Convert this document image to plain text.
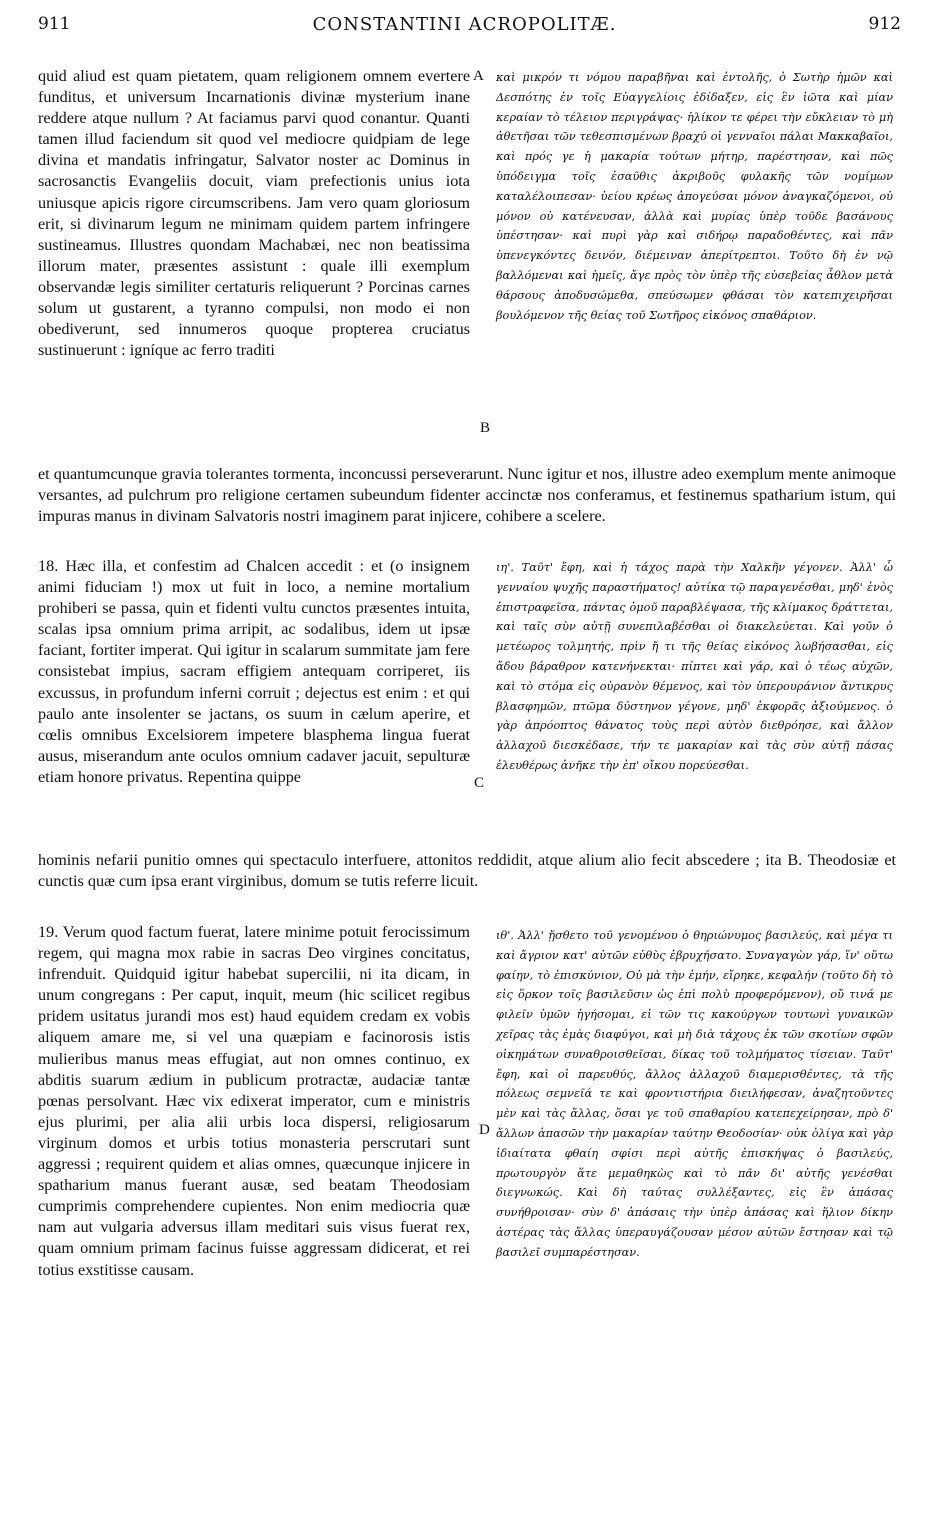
911	CONSTANTINI ACROPOLITÆ.	912
A
B
C
D

quid aliud est quam pietatem, quam religionem omnem evertere funditus, et universum Incarnationis divinæ mysterium inane reddere atque nullum ? At faciamus parvi quod conantur. Quanti tamen illud faciendum sit quod vel mediocre quidpiam de lege divina et mandatis infringatur, Salvator noster ac Dominus in sacrosanctis Evangeliis docuit, viam prefectionis unius iota uniusque apicis rigore circumscribens. Jam vero quam gloriosum erit, si divinarum legum ne minimam quidem partem infringere sustineamus. Illustres quondam Machabæi, nec non beatissima illorum mater, præsentes assistunt : quale illi exemplum observandæ legis similiter certaturis reliquerunt ? Porcinas carnes solum ut gustarent, a tyranno compulsi, non modo ei non obediverunt, sed innumeros quoque propterea cruciatus sustinuerunt : igníque ac ferro traditi

καὶ μικρόν τι νόμου παραβῆναι καὶ ἐντολῆς, ὁ Σωτὴρ ἡμῶν καὶ Δεσπότης ἐν τοῖς Εὐαγγελίοις ἐδίδαξεν, εἰς ἓν ἰῶτα καὶ μίαν κεραίαν τὸ τέλειον περιγράψας· ἡλίκον τε φέρει τὴν εὔκλειαν τὸ μὴ ἀθετῆσαι τῶν τεθεσπισμένων βραχύ οἱ γενναῖοι πάλαι Μακκαβαῖοι, καὶ πρός γε ἡ μακαρία τούτων μήτηρ, παρέστησαν, καὶ πῶς ὑπόδειγμα τοῖς ἐσαῦθις ἀκριβοῦς φυλακῆς τῶν νομίμων καταλέλοιπεσαν· ὑείου κρέως ἀπογεύσαι μόνον ἀναγκαζόμενοι, οὐ μόνον οὐ κατένευσαν, ἀλλὰ καὶ μυρίας ὑπὲρ τοῦδε βασάνους ὑπέστησαν· καὶ πυρὶ γὰρ καὶ σιδήρῳ παραδοθέντες, καὶ πᾶν ὑπενεγκόντες δεινόν, διέμειναν ἀπερίτρεπτοι. Τοῦτο δὴ ἐν νῷ βαλλόμεναι καὶ ἡμεῖς, ἄγε πρὸς τὸν ὑπὲρ τῆς εὐσεβείας ἆθλον μετὰ θάρσους ἀποδυσώμεθα, σπεύσωμεν φθάσαι τὸν κατεπιχειρῆσαι βουλόμενον τῆς θείας τοῦ Σωτῆρος εἰκόνος σπαθάριον.

et quantumcunque gravia tolerantes tormenta, inconcussi perseverarunt. Nunc igitur et nos, illustre adeo exemplum mente animoque versantes, ad pulchrum pro religione certamen subeundum fidenter accinctæ nos conferamus, et festinemus spatharium istum, qui impuras manus in divinam Salvatoris nostri imaginem parat injicere, cohibere a scelere.

18. Hæc illa, et confestim ad Chalcen accedit : et (o insignem animi fiduciam !) mox ut fuit in loco, a nemine mortalium prohiberi se passa, quin et fidenti vultu cunctos præsentes intuita, scalas ipsa omnium prima arripit, ac sodalibus, idem ut ipsæ faciant, fortiter imperat. Qui igitur in scalarum summitate jam fere consistebat impius, sacram effigiem antequam corriperet, iis excussus, in profundum inferni corruit ; dejectus est enim : et qui paulo ante insolenter se jactans, os suum in cælum aperire, et cœlis omnibus Excelsiorem impetere blasphema lingua fuerat ausus, miserandum ante oculos omnium cadaver jacuit, sepulturæ etiam honore privatus. Repentina quippe

ιη'. Ταῦτ' ἔφη, καὶ ἡ τάχος παρὰ τὴν Χαλκῆν γέγονεν. Ἀλλ' ὦ γενναίου ψυχῆς παραστήματος! αὐτίκα τῷ παραγενέσθαι, μηδ' ἑνὸς ἐπιστραφεῖσα, πάντας ὁμοῦ παραβλέψασα, τῆς κλίμακος δράττεται, καὶ ταῖς σὺν αὐτῇ συνεπιλαβέσθαι οἱ διακελεύεται. Καὶ γοῦν ὁ μετέωρος τολμητής, πρὶν ἤ τι τῆς θείας εἰκόνος λωβήσασθαι, εἰς ἄδου βάραθρον κατενήνεκται· πίπτει καὶ γάρ, καὶ ὁ τέως αὐχῶν, καὶ τὸ στόμα εἰς οὐρανὸν θέμενος, καὶ τὸν ὑπερουράνιον ἄντικρυς βλασφημῶν, πτῶμα δύστηνον γέγονε, μηδ' ἐκφορᾶς ἀξιούμενος. ὁ γὰρ ἀπρόοπτος θάνατος τοὺς περὶ αὐτὸν διεθρόησε, καὶ ἄλλον ἀλλαχοῦ διεσκέδασε, τήν τε μακαρίαν καὶ τὰς σὺν αὐτῇ πάσας ἐλευθέρως ἀνῆκε τὴν ἐπ' οἴκου πορεύεσθαι.

hominis nefarii punitio omnes qui spectaculo interfuere, attonitos reddidit, atque alium alio fecit abscedere ; ita B. Theodosiæ et cunctis quæ cum ipsa erant virginibus, domum se tutis referre licuit.

19. Verum quod factum fuerat, latere minime potuit ferocissimum regem, qui magna mox rabie in sacras Deo virgines concitatus, infrenduit. Quidquid igitur habebat supercilii, ni ita dicam, in unum congregans : Per caput, inquit, meum (hic scilicet regibus pridem usitatus jurandi mos est) haud equidem credam ex vobis aliquem amare me, si vel una quæpiam e facinorosis istis mulieribus manus meas effugiat, aut non omnes continuo, ex abditis suarum ædium in publicum protractæ, audaciæ tantæ pœnas persolvant. Hæc vix edixerat imperator, cum e ministris ejus plurimi, per alia alii urbis loca dispersi, religiosarum virginum domos et urbis totius monasteria perscrutari sunt aggressi ; requirent quidem et alias omnes, quæcunque injicere in spatharium manus fuerant ausæ, sed beatam Theodosiam cumprimis comprehendere cupientes. Non enim mediocria quæ nam aut vulgaria adversus illam meditari suis visus fuerat rex, quam omnium primam facinus fuisse aggressam didicerat, et rei totius exstitisse causam.

ιθ'. Ἀλλ' ᾔσθετο τοῦ γενομένου ὁ θηριώνυμος βασιλεύς, καὶ μέγα τι καὶ ἄγριον κατ' αὐτῶν εὐθὺς ἐβρυχήσατο. Συναγαγὼν γάρ, ἵν' οὕτω φαίην, τὸ ἐπισκύνιον, Οὐ μὰ τὴν ἐμήν, εἴρηκε, κεφαλήν (τοῦτο δὴ τὸ εἰς ὅρκον τοῖς βασιλεῦσιν ὡς ἐπὶ πολὺ προφερόμενον), οὔ τινά με φιλεῖν ὑμῶν ἡγήσομαι, εἰ τῶν τις κακούργων τουτωνὶ γυναικῶν χεῖρας τὰς ἐμὰς διαφύγοι, καὶ μὴ διὰ τάχους ἐκ τῶν σκοτίων σφῶν οἰκημάτων συναθροισθεῖσαι, δίκας τοῦ τολμήματος τίσειαν. Ταῦτ' ἔφη, καὶ οἱ παρευθύς, ἄλλος ἀλλαχοῦ διαμερισθέντες, τὰ τῆς πόλεως σεμνεῖά τε καὶ φροντιστήρια διειλήφεσαν, ἀναζητοῦντες μὲν καὶ τὰς ἄλλας, ὅσαι γε τοῦ σπαθαρίου κατεπεχείρησαν, πρὸ δ' ἄλλων ἁπασῶν τὴν μακαρίαν ταύτην Θεοδοσίαν· οὐκ ὀλίγα καὶ γὰρ ἰδιαίτατα φθαίη σφίσι περὶ αὐτῆς ἐπισκήψας ὁ βασιλεύς, πρωτουργὸν ἅτε μεμαθηκὼς καὶ τὸ πᾶν δι' αὐτῆς γενέσθαι διεγνωκώς. Καὶ δὴ ταύτας συλλέξαντες, εἰς ἓν ἁπάσας συνήθροισαν· σὺν δ' ἁπάσαις τὴν ὑπὲρ ἁπάσας καὶ ἥλιον δίκην ἀστέρας τὰς ἄλλας ὑπεραυγάζουσαν μέσον αὐτῶν ἔστησαν καὶ τῷ βασιλεῖ συμπαρέστησαν.
